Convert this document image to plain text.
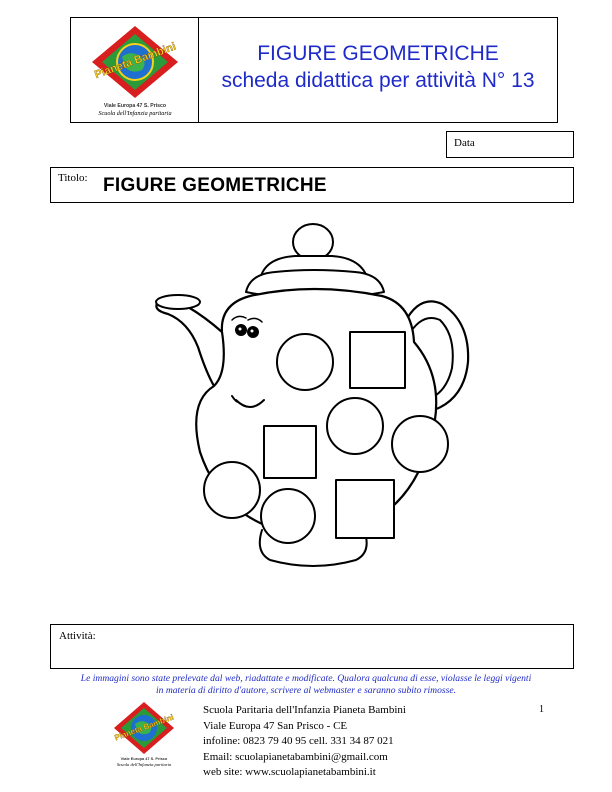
Pianeta Bambini
Viale Europa 47 S. Prisco
Scuola dell'Infanzia paritaria
FIGURE GEOMETRICHE
scheda didattica per attività N° 13
Data
Titolo: FIGURE GEOMETRICHE
Attività:
Le immagini sono state prelevate dal web, riadattate e modificate. Qualora qualcuna di esse, violasse le leggi vigenti
in materia di diritto d'autore, scrivere al webmaster e saranno subito rimosse.
1
Pianeta Bambini
Viale Europa 47 S. Prisco
Scuola dell'Infanzia paritaria
Scuola Paritaria dell'Infanzia Pianeta Bambini
Viale Europa 47 San Prisco - CE
infoline: 0823 79 40 95 cell. 331 34 87 021
Email: scuolapianetabambini@gmail.com
web site: www.scuolapianetabambini.it
